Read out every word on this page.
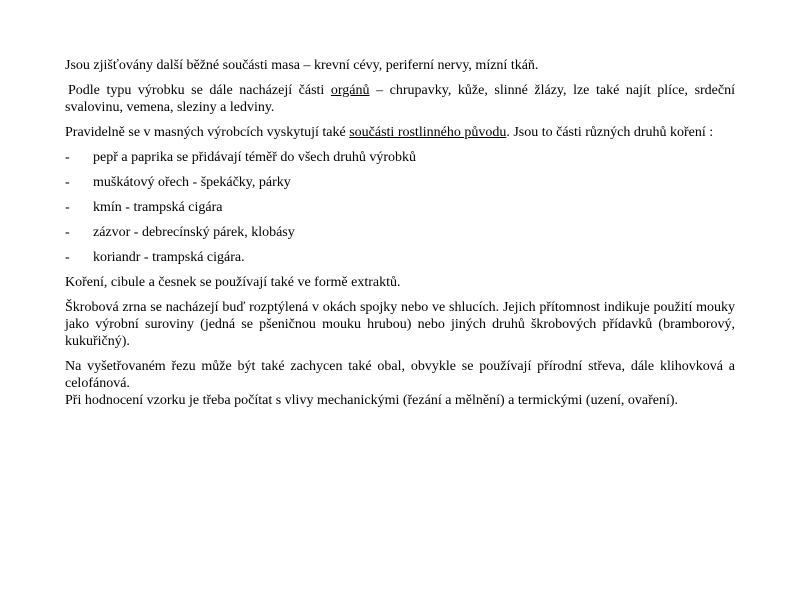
Jsou zjišťovány další běžné součásti masa – krevní cévy, periferní nervy, mízní tkáň.

Podle typu výrobku se dále nacházejí části orgánů – chrupavky, kůže, slinné žlázy, lze také najít plíce, srdeční svalovinu, vemena, sleziny a ledviny.

Pravidelně se v masných výrobcích vyskytují také součásti rostlinného původu. Jsou to části různých druhů koření :

-	pepř a paprika se přidávají téměř do všech druhů výrobků
-	muškátový ořech - špekáčky, párky
-	kmín - trampská cigára
-	zázvor - debrecínský párek, klobásy
-	koriandr - trampská cigára.

Koření, cibule a česnek se používají také ve formě extraktů.

Škrobová zrna se nacházejí buď rozptýlená v okách spojky nebo ve shlucích. Jejich přítomnost indikuje použití mouky jako výrobní suroviny (jedná se pšeničnou mouku hrubou) nebo jiných druhů škrobových přídavků (bramborový, kukuřičný).

Na vyšetřovaném řezu může být také zachycen také obal, obvykle se používají přírodní střeva, dále klihovková a celofánová.

Při hodnocení vzorku je třeba počítat s vlivy mechanickými (řezání a mělnění) a termickými (uzení, ovaření).
